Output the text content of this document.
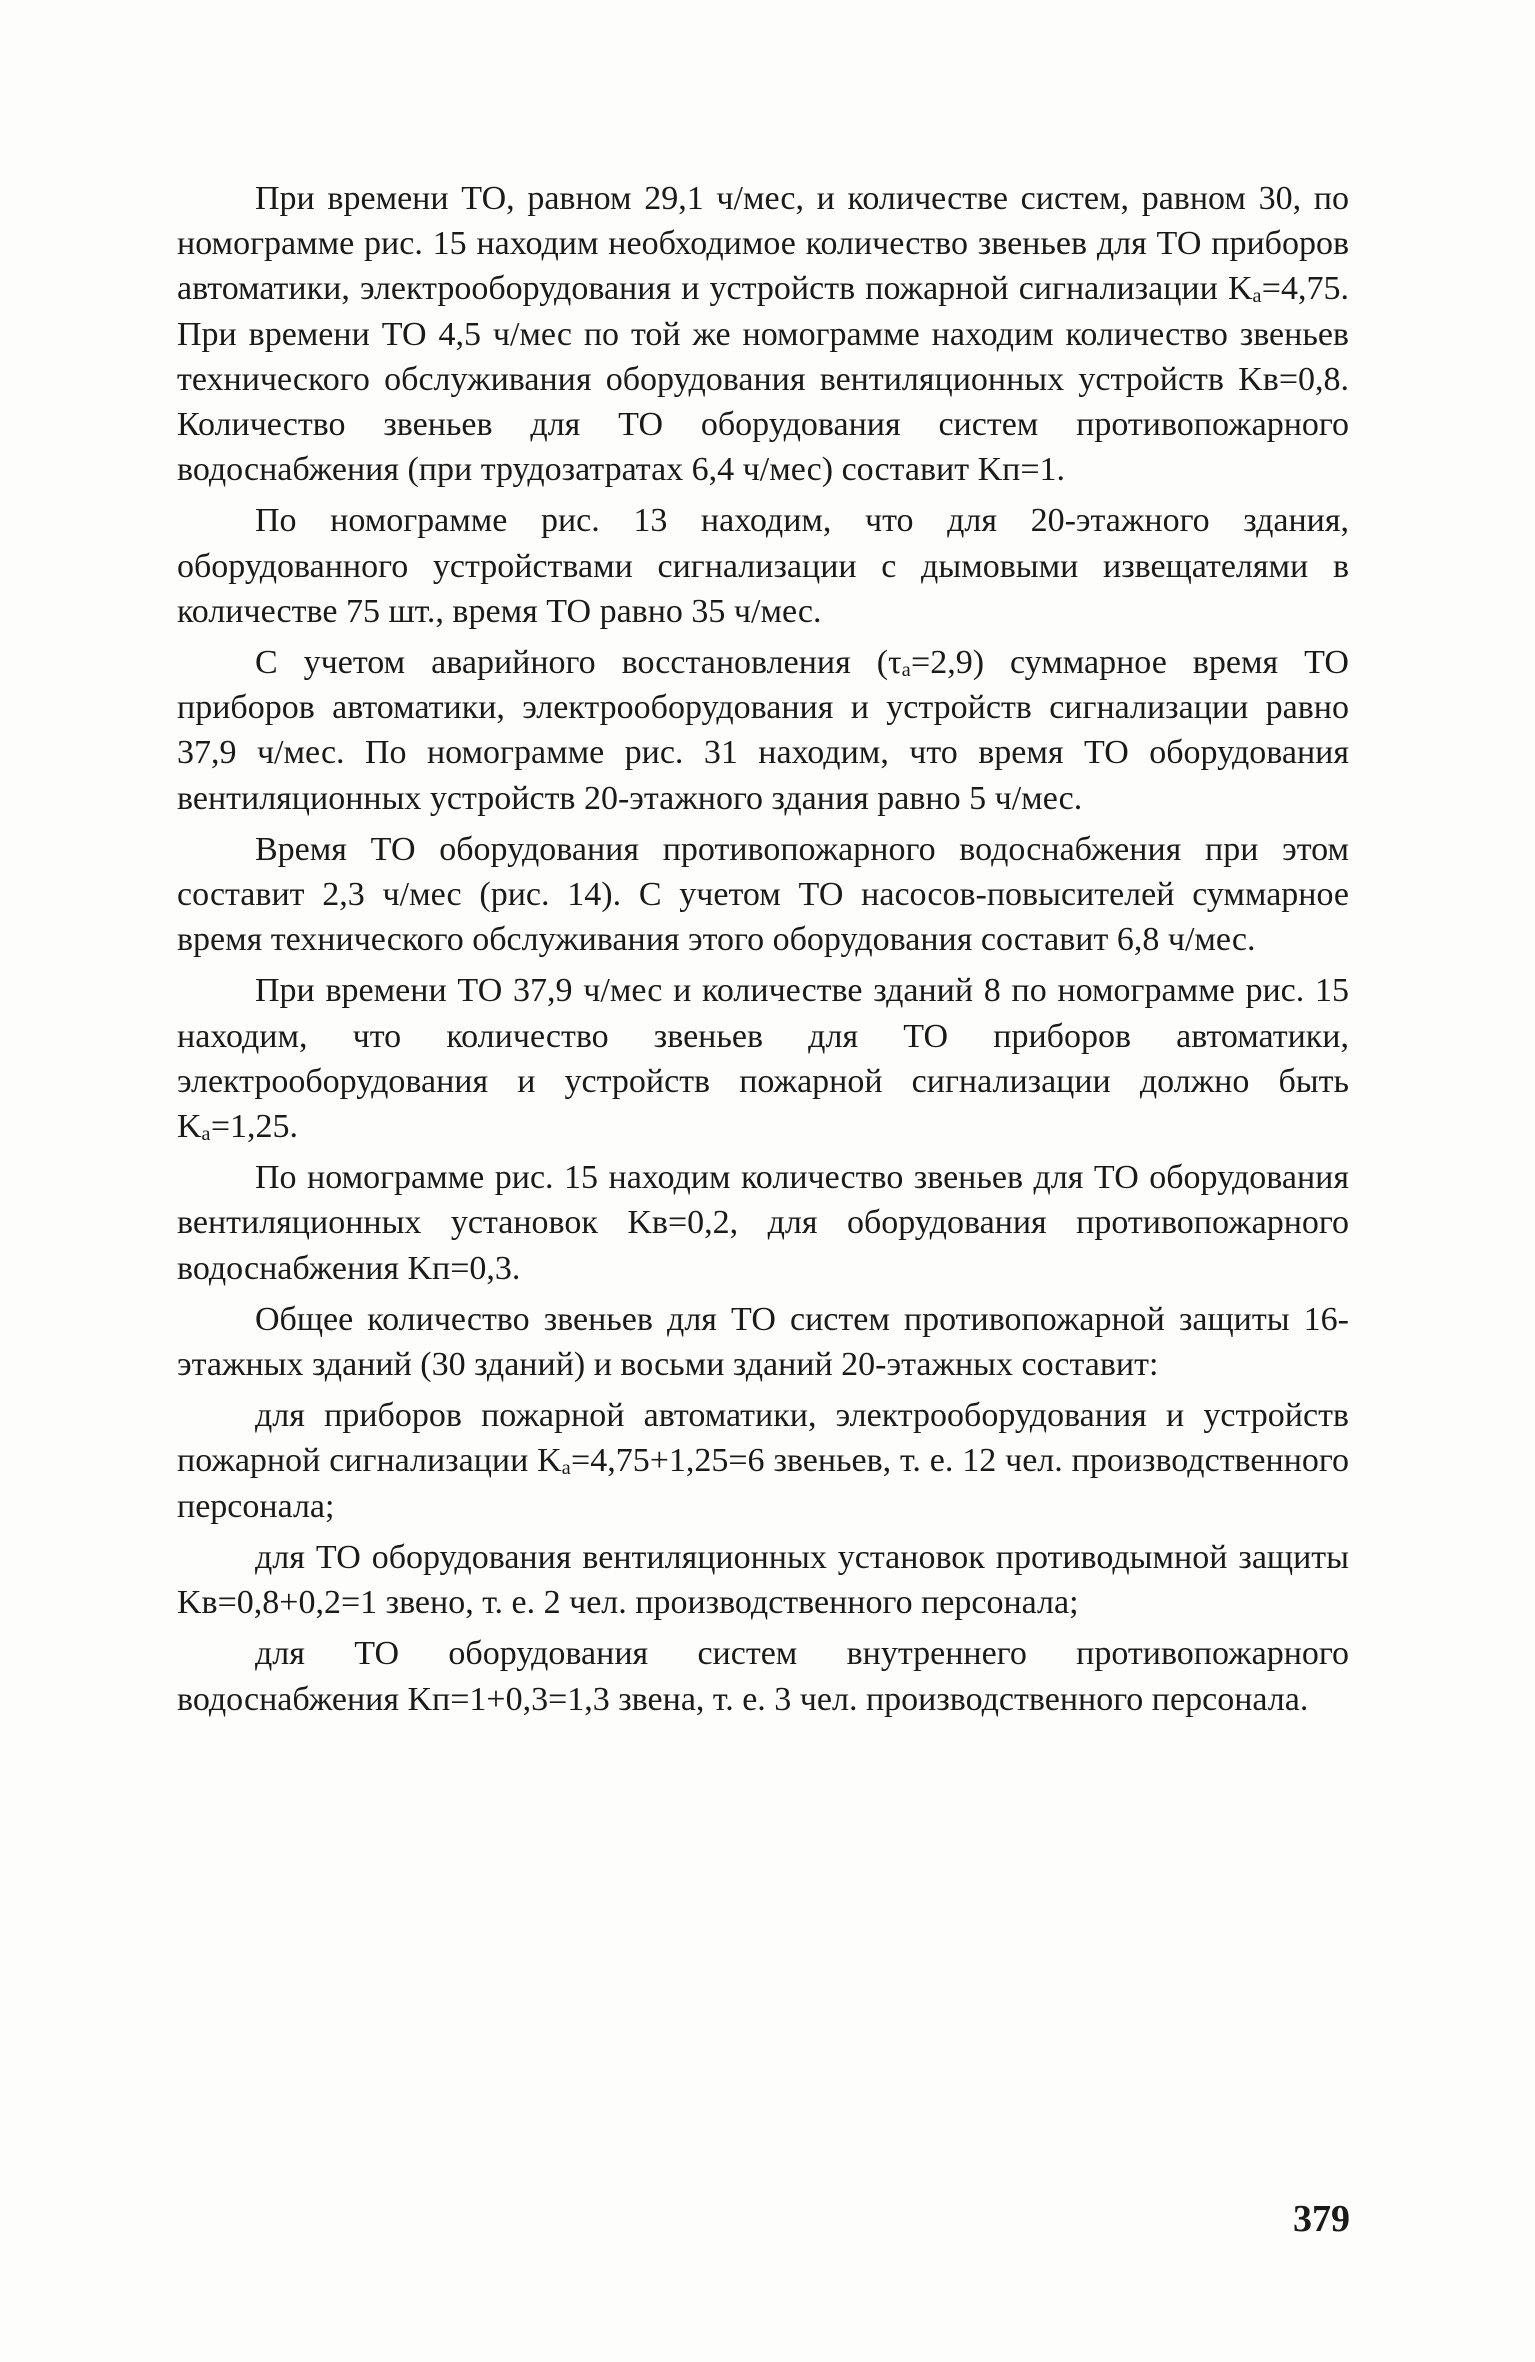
При времени ТО, равном 29,1 ч/мес, и количестве систем, равном 30, по номограмме рис. 15 находим необходимое количество звеньев для ТО приборов автоматики, электрооборудования и устройств пожарной сигнализации Kₐ=4,75. При времени ТО 4,5 ч/мес по той же номограмме находим количество звеньев технического обслуживания оборудования вентиляционных устройств Kв=0,8. Количество звеньев для ТО оборудования систем противопожарного водоснабжения (при трудозатратах 6,4 ч/мес) составит Kп=1.

По номограмме рис. 13 находим, что для 20-этажного здания, оборудованного устройствами сигнализации с дымовыми извещателями в количестве 75 шт., время ТО равно 35 ч/мес.

С учетом аварийного восстановления (τₐ=2,9) суммарное время ТО приборов автоматики, электрооборудования и устройств сигнализации равно 37,9 ч/мес. По номограмме рис. 31 находим, что время ТО оборудования вентиляционных устройств 20-этажного здания равно 5 ч/мес.

Время ТО оборудования противопожарного водоснабжения при этом составит 2,3 ч/мес (рис. 14). С учетом ТО насосов-повысителей суммарное время технического обслуживания этого оборудования составит 6,8 ч/мес.

При времени ТО 37,9 ч/мес и количестве зданий 8 по номограмме рис. 15 находим, что количество звеньев для ТО приборов автоматики, электрооборудования и устройств пожарной сигнализации должно быть Kₐ=1,25.

По номограмме рис. 15 находим количество звеньев для ТО оборудования вентиляционных установок Kв=0,2, для оборудования противопожарного водоснабжения Kп=0,3.

Общее количество звеньев для ТО систем противопожарной защиты 16-этажных зданий (30 зданий) и восьми зданий 20-этажных составит:

для приборов пожарной автоматики, электрооборудования и устройств пожарной сигнализации Kₐ=4,75+1,25=6 звеньев, т. е. 12 чел. производственного персонала;

для ТО оборудования вентиляционных установок противодымной защиты Kв=0,8+0,2=1 звено, т. е. 2 чел. производственного персонала;

для ТО оборудования систем внутреннего противопожарного водоснабжения Kп=1+0,3=1,3 звена, т. е. 3 чел. производственного персонала.

379
